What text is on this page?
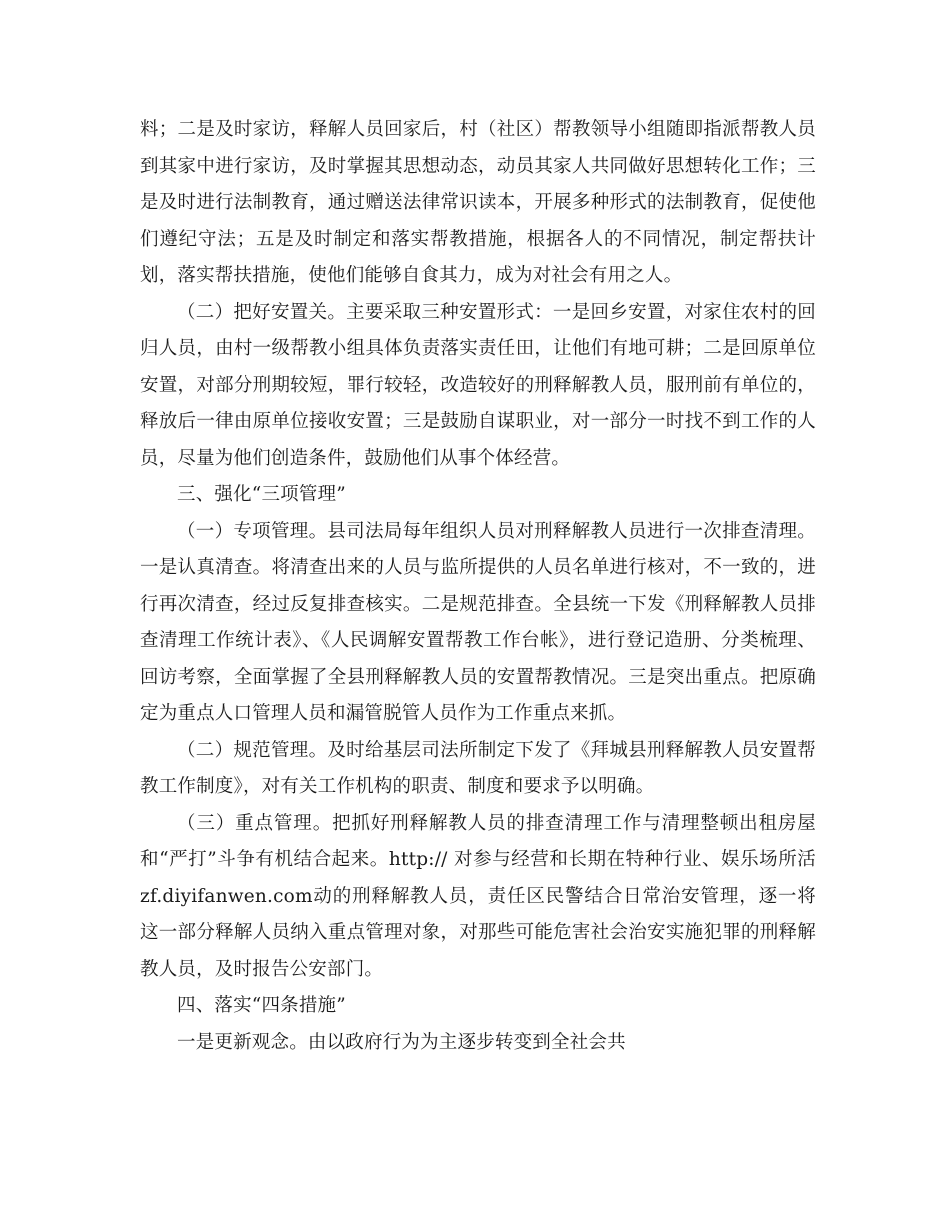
料；二是及时家访，释解人员回家后，村（社区）帮教领导小组随即指派帮教人员到其家中进行家访，及时掌握其思想动态，动员其家人共同做好思想转化工作；三是及时进行法制教育，通过赠送法律常识读本，开展多种形式的法制教育，促使他们遵纪守法；五是及时制定和落实帮教措施，根据各人的不同情况，制定帮扶计划，落实帮扶措施，使他们能够自食其力，成为对社会有用之人。

（二）把好安置关。主要采取三种安置形式：一是回乡安置，对家住农村的回归人员，由村一级帮教小组具体负责落实责任田，让他们有地可耕；二是回原单位安置，对部分刑期较短，罪行较轻，改造较好的刑释解教人员，服刑前有单位的，释放后一律由原单位接收安置；三是鼓励自谋职业，对一部分一时找不到工作的人员，尽量为他们创造条件，鼓励他们从事个体经营。

三、强化“三项管理”

（一）专项管理。县司法局每年组织人员对刑释解教人员进行一次排查清理。一是认真清查。将清查出来的人员与监所提供的人员名单进行核对，不一致的，进行再次清查，经过反复排查核实。二是规范排查。全县统一下发《刑释解教人员排查清理工作统计表》、《人民调解安置帮教工作台帐》，进行登记造册、分类梳理、回访考察，全面掌握了全县刑释解教人员的安置帮教情况。三是突出重点。把原确定为重点人口管理人员和漏管脱管人员作为工作重点来抓。

（二）规范管理。及时给基层司法所制定下发了《拜城县刑释解教人员安置帮教工作制度》，对有关工作机构的职责、制度和要求予以明确。

（三）重点管理。把抓好刑释解教人员的排查清理工作与清理整顿出租房屋和“严打”斗争有机结合起来。http:// 对参与经营和长期在特种行业、娱乐场所活zf.diyifanwen.com动的刑释解教人员，责任区民警结合日常治安管理，逐一将这一部分释解人员纳入重点管理对象，对那些可能危害社会治安实施犯罪的刑释解教人员，及时报告公安部门。

四、落实“四条措施”

一是更新观念。由以政府行为为主逐步转变到全社会共
